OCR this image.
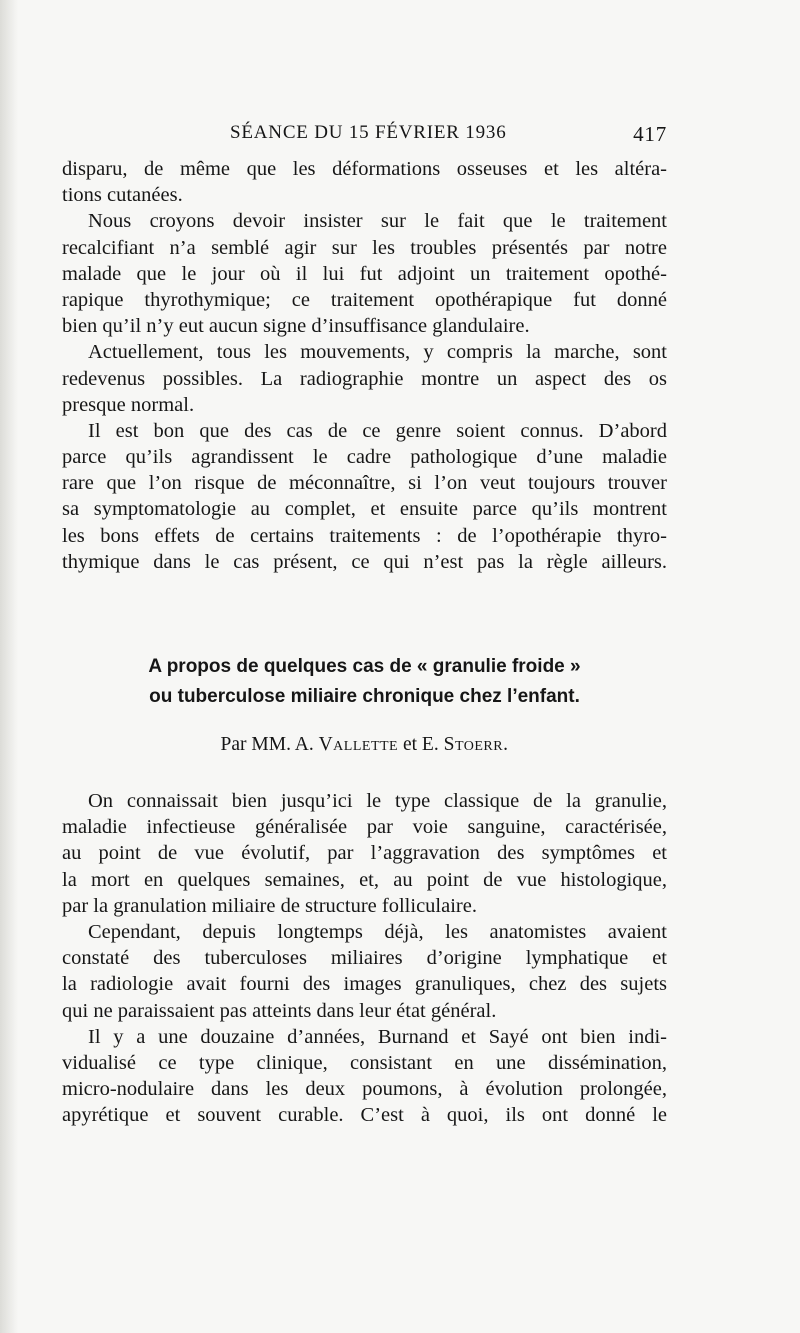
SÉANCE DU 15 FÉVRIER 1936	417
disparu, de même que les déformations osseuses et les altéra-
tions cutanées.
Nous croyons devoir insister sur le fait que le traitement
recalcifiant n’a semblé agir sur les troubles présentés par notre
malade que le jour où il lui fut adjoint un traitement opothé-
rapique thyrothymique; ce traitement opothérapique fut donné
bien qu’il n’y eut aucun signe d’insuffisance glandulaire.
Actuellement, tous les mouvements, y compris la marche, sont
redevenus possibles. La radiographie montre un aspect des os
presque normal.
Il est bon que des cas de ce genre soient connus. D’abord
parce qu’ils agrandissent le cadre pathologique d’une maladie
rare que l’on risque de méconnaître, si l’on veut toujours trouver
sa symptomatologie au complet, et ensuite parce qu’ils montrent
les bons effets de certains traitements : de l’opothérapie thyro-
thymique dans le cas présent, ce qui n’est pas la règle ailleurs.
A propos de quelques cas de « granulie froide »
ou tuberculose miliaire chronique chez l’enfant.
Par MM. A. Vallette et E. Stoerr.
On connaissait bien jusqu’ici le type classique de la granulie,
maladie infectieuse généralisée par voie sanguine, caractérisée,
au point de vue évolutif, par l’aggravation des symptômes et
la mort en quelques semaines, et, au point de vue histologique,
par la granulation miliaire de structure folliculaire.
Cependant, depuis longtemps déjà, les anatomistes avaient
constaté des tuberculoses miliaires d’origine lymphatique et
la radiologie avait fourni des images granuliques, chez des sujets
qui ne paraissaient pas atteints dans leur état général.
Il y a une douzaine d’années, Burnand et Sayé ont bien indi-
vidualisé ce type clinique, consistant en une dissémination,
micro-nodulaire dans les deux poumons, à évolution prolongée,
apyrétique et souvent curable. C’est à quoi, ils ont donné le
